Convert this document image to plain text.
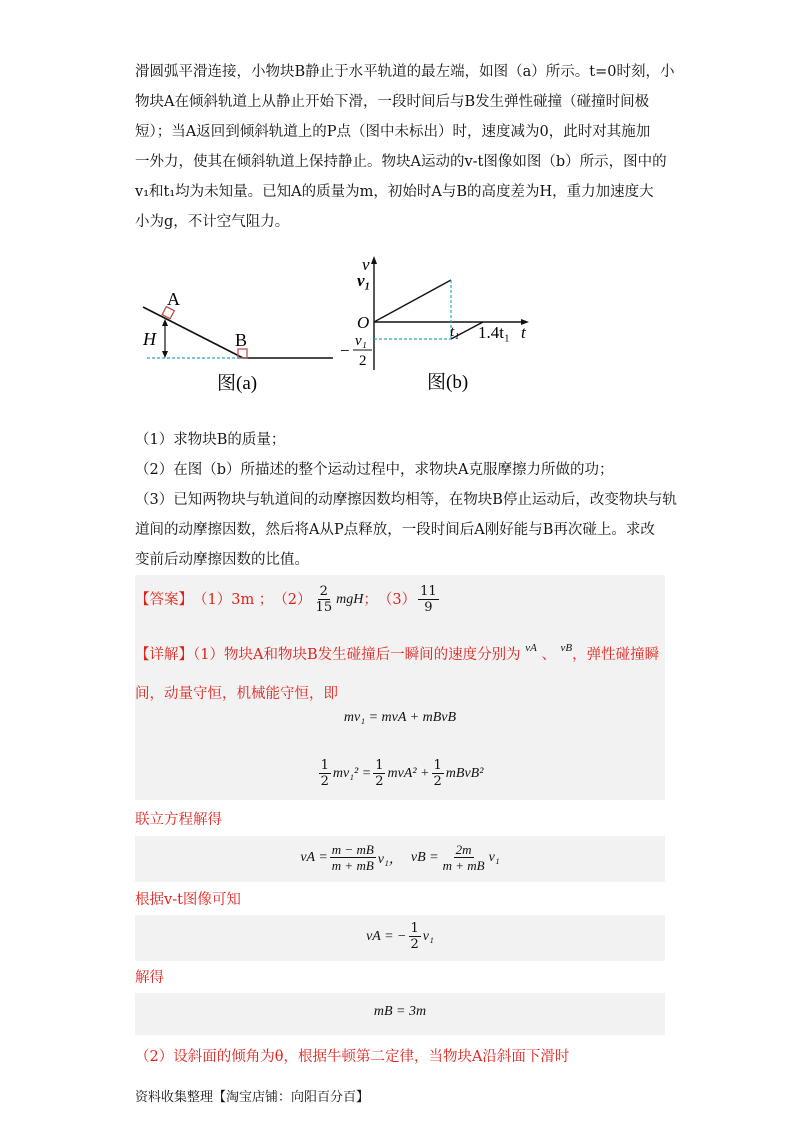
滑圆弧平滑连接，小物块B静止于水平轨道的最左端，如图（a）所示。t=0时刻，小
物块A在倾斜轨道上从静止开始下滑，一段时间后与B发生弹性碰撞（碰撞时间极
短）；当A返回到倾斜轨道上的P点（图中未标出）时，速度减为0，此时对其施加
一外力，使其在倾斜轨道上保持静止。物块A运动的v-t图像如图（b）所示，图中的
v₁和t₁均为未知量。已知A的质量为m，初始时A与B的高度差为H，重力加速度大
小为g，不计空气阻力。
A
B
H
图(a)
v
t
O
v₁
t₁ 1.4t₁
− v₁
2
图(b)
（1）求物块B的质量；
（2）在图（b）所描述的整个运动过程中，求物块A克服摩擦力所做的功；
（3）已知两物块与轨道间的动摩擦因数均相等，在物块B停止运动后，改变物块与轨
道间的动摩擦因数，然后将A从P点释放，一段时间后A刚好能与B再次碰上。求改
变前后动摩擦因数的比值。
【答案】 （1）3m ； $(2) \frac{2}{15}$ mgH ； $(3) \frac{11}{9}$
【详解】（1）物块A和物块B发生碰撞后一瞬间的速度分别为 $^{vA}$ 、 $^{vB}$，弹性碰撞瞬
间，动量守恒，机械能守恒，即
mv₁ = mvA + mBvB
$\frac{1}{2} mv_1^2 = \frac{1}{2} mvA^2 + \frac{1}{2}$ mBvB²
联立方程解得
vA = $\frac{m - mB}{m + mB} v_1$， vB = $\frac{2m}{m + mB} v_1$
根据v-t图像可知
vA = − $\frac{1}{2} v_1$
解得
mB = 3m
（2）设斜面的倾角为θ，根据牛顿第二定律，当物块A沿斜面下滑时
资料收集整理【淘宝店铺：向阳百分百】
